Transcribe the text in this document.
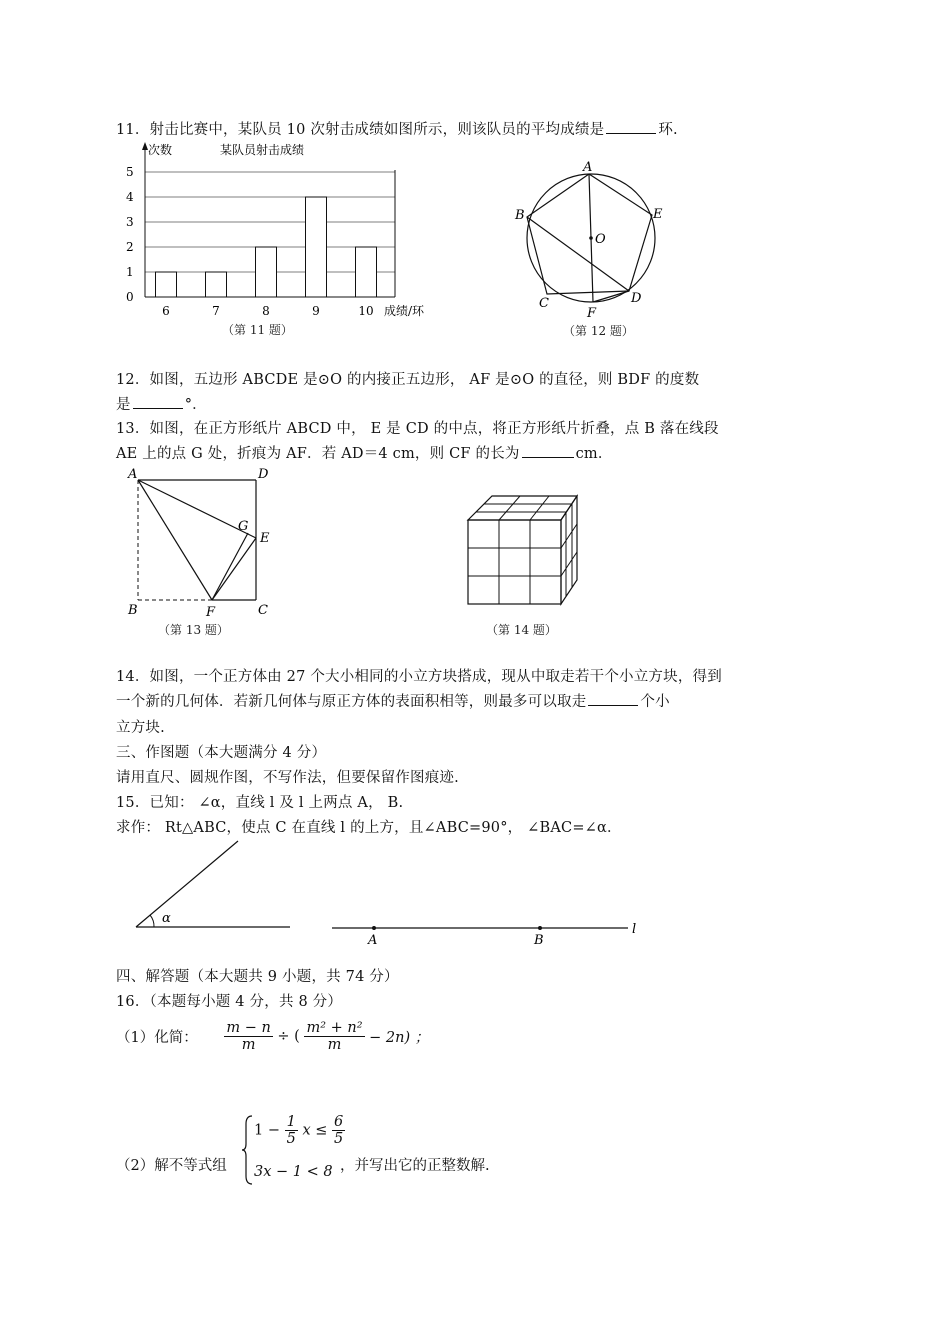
11．射击比赛中，某队员 10 次射击成绩如图所示，则该队员的平均成绩是	环.
0
1
2
3
4
5
6	7	8	9	10
次数	某队员射击成绩
成绩/环
（第 11 题）
A
B
C	D
E
F
O
（第 12 题）
12．如图，五边形 ABCDE 是⊙O 的内接正五边形， AF 是⊙O 的直径，则 BDF 的度数
是	°．
13．如图，在正方形纸片 ABCD 中， E 是 CD 的中点，将正方形纸片折叠，点 B 落在线段
AE 上的点 G 处，折痕为 AF．若 AD＝4 cm，则 CF 的长为	cm．
A	D
G
E
B	F	C
（第 13 题）	（第 14 题）
14．如图，一个正方体由 27 个大小相同的小立方块搭成，现从中取走若干个小立方块，得到
一个新的几何体．若新几何体与原正方体的表面积相等，则最多可以取走	个小
立方块.
三、作图题（本大题满分 4 分）
请用直尺、圆规作图，不写作法，但要保留作图痕迹.
15．已知： ∠α，直线 l 及 l 上两点 A， B.
求作： Rt△ABC，使点 C 在直线 l 的上方，且∠ABC=90°， ∠BAC=∠α．
α
A	B
l
四、解答题（本大题共 9 小题，共 74 分）
16．（本题每小题 4 分，共 8 分）
（1）化简： $\frac{m - n}{m}$ ÷ ( $\frac{\text{m² + n²}}{m} - 2n$) ；
（2）解不等式组
$1 - \frac{1}{5}$ $x \le \frac{6}{5}$
3x − 1 < 8 ，并写出它的正整数解.
